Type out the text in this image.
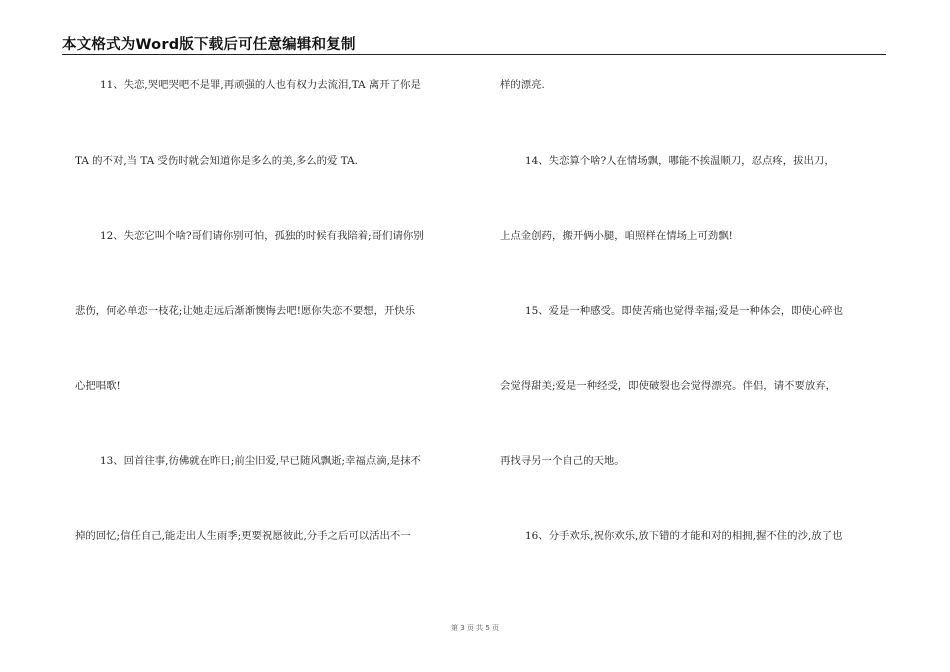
本文格式为Word版下载后可任意编辑和复制
11、失恋,哭吧哭吧不是罪,再顽强的人也有权力去流泪,TA 离开了你是
TA 的不对,当 TA 受伤时就会知道你是多么的美,多么的爱 TA.
12、失恋它叫个啥?哥们请你别可怕，孤独的时候有我陪着;哥们请你别
悲伤，何必单恋一枝花;让她走远后渐渐懊悔去吧!愿你失恋不要想，开快乐
心把唱歌!
13、回首往事,彷佛就在昨日;前尘旧爱,早已随风飘逝;幸福点滴,是抹不
掉的回忆;信任自己,能走出人生雨季;更要祝愿彼此,分手之后可以活出不一
样的漂亮.
14、失恋算个啥?人在情场飘，哪能不挨温顺刀，忍点疼，拔出刀，
上点金创药，搬开俩小腿，咱照样在情场上可劲飘!
15、爱是一种感受。即使苦痛也觉得幸福;爱是一种体会，即使心碎也
会觉得甜美;爱是一种经受，即使破裂也会觉得漂亮。伴侣，请不要放弃，
再找寻另一个自己的天地。
16、分手欢乐,祝你欢乐,放下错的才能和对的相拥,握不住的沙,放了也
第 3 页 共 5 页
